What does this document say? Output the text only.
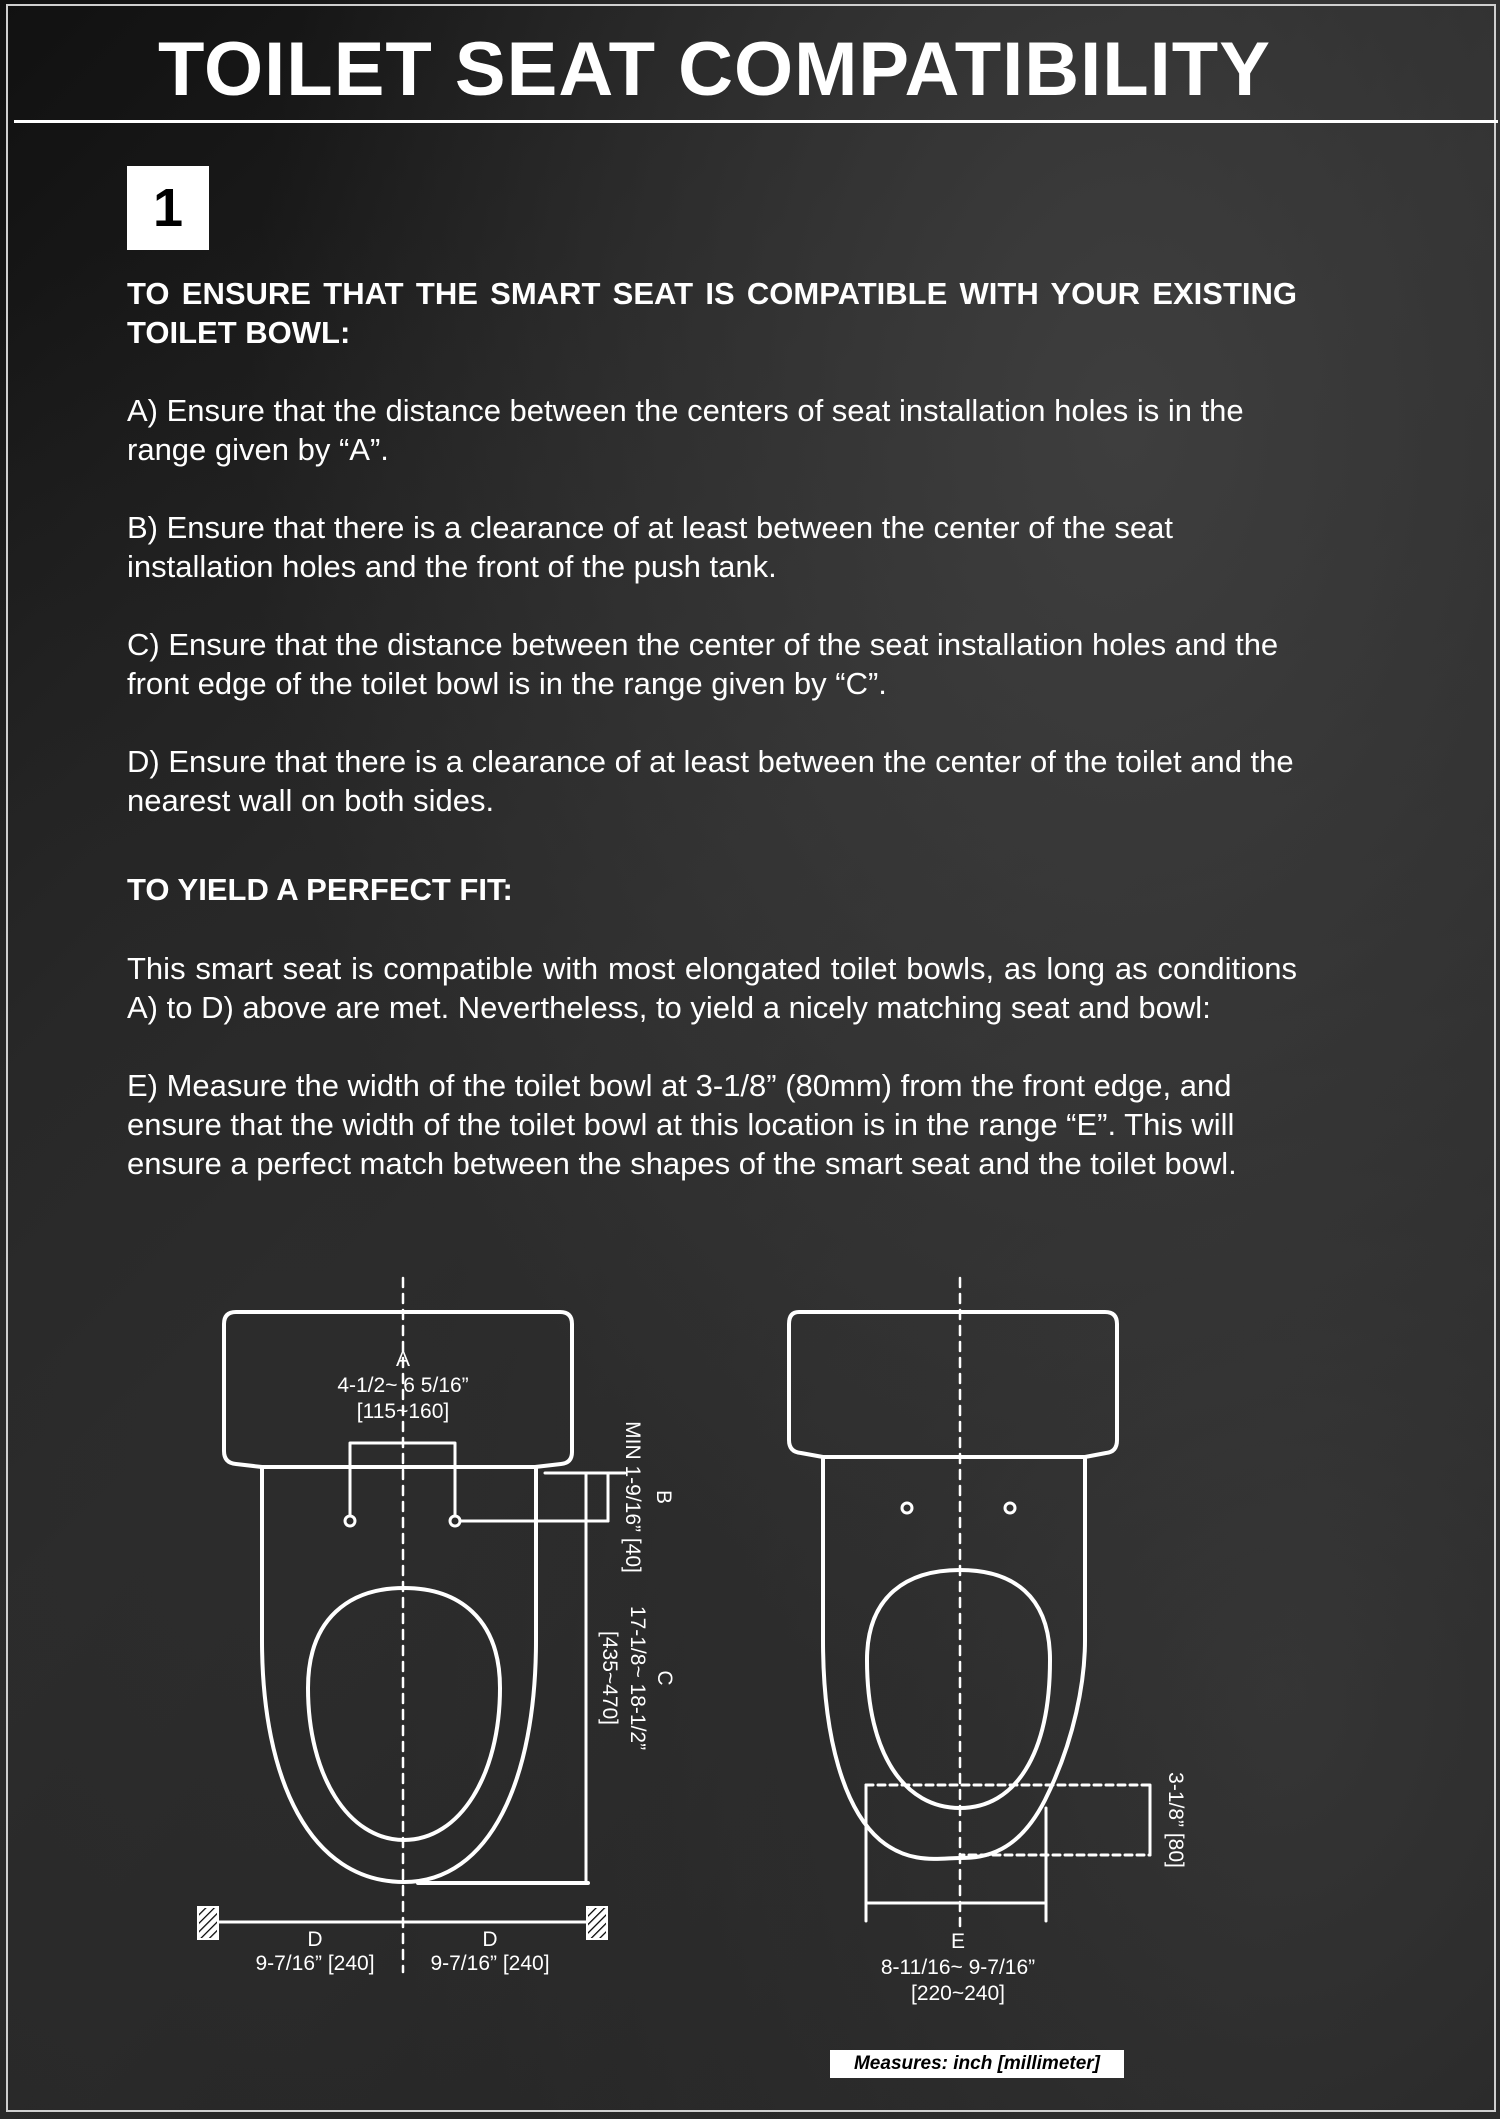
TOILET SEAT COMPATIBILITY
1

TO ENSURE THAT THE SMART SEAT IS COMPATIBLE WITH YOUR EXISTING TOILET BOWL:

A) Ensure that the distance between the centers of seat installation holes is in the range given by “A”.

B) Ensure that there is a clearance of at least between the center of the seat installation holes and the front of the push tank.

C) Ensure that the distance between the center of the seat installation holes and the front edge of the toilet bowl is in the range given by “C”.

D) Ensure that there is a clearance of at least between the center of the toilet and the nearest wall on both sides.

TO YIELD A PERFECT FIT:

This smart seat is compatible with most elongated toilet bowls, as long as conditions A) to D) above are met. Nevertheless, to yield a nicely matching seat and bowl:

E) Measure the width of the toilet bowl at 3-1/8” (80mm) from the front edge, and ensure that the width of the toilet bowl at this location is in the range “E”. This will ensure a perfect match between the shapes of the smart seat and the toilet bowl.

A
4-1/2~ 6 5/16”
[115~160]
B
MIN 1-9/16” [40]
C
17-1/8~ 18-1/2”
[435~470]
D
9-7/16” [240]
D
9-7/16” [240]
3-1/8” [80]
E
8-11/16~ 9-7/16”
[220~240]
Measures: inch [millimeter]
